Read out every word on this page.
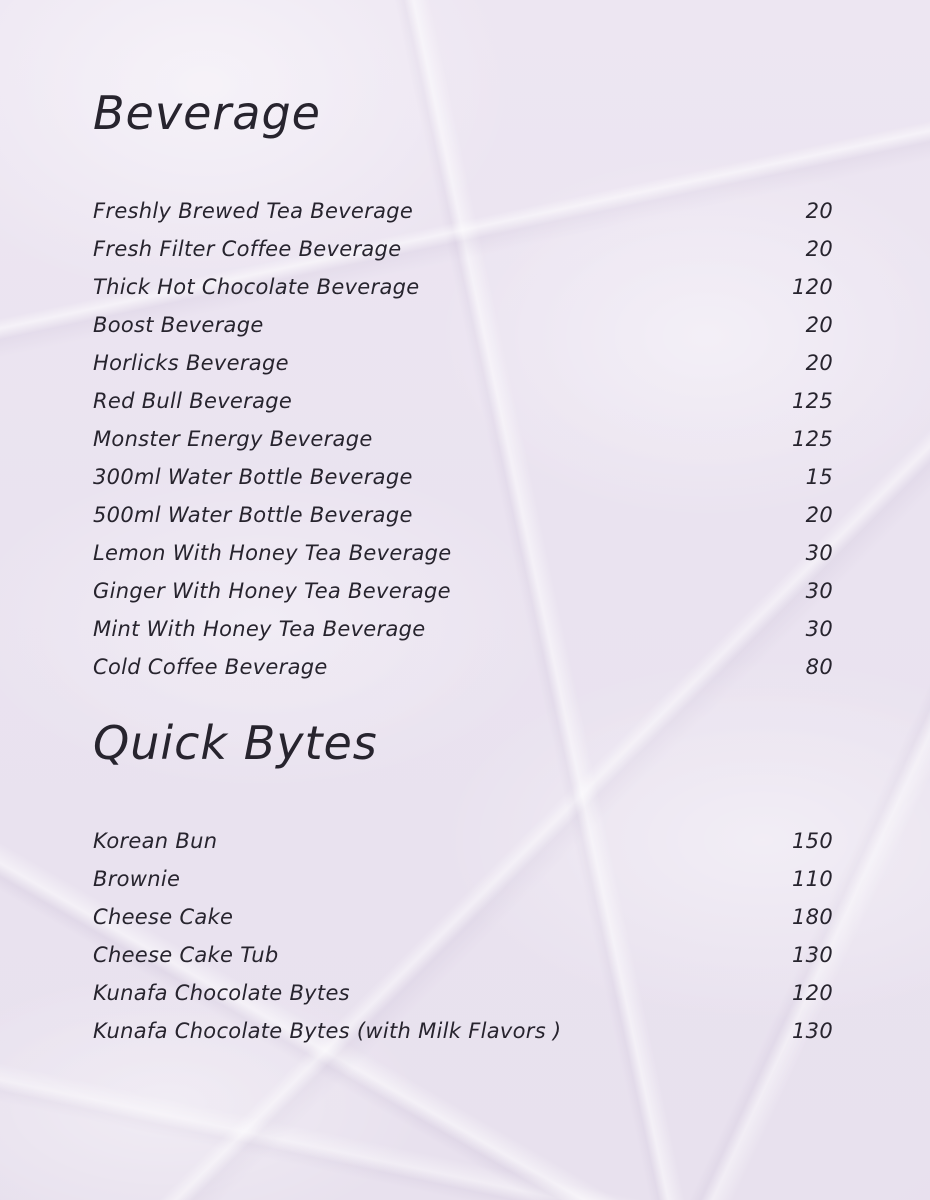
Beverage
Freshly Brewed Tea Beverage	20
Fresh Filter Coffee Beverage	20
Thick Hot Chocolate Beverage	120
Boost Beverage	20
Horlicks Beverage	20
Red Bull Beverage	125
Monster Energy Beverage	125
300ml Water Bottle Beverage	15
500ml Water Bottle Beverage	20
Lemon With Honey Tea Beverage	30
Ginger With Honey Tea Beverage	30
Mint With Honey Tea Beverage	30
Cold Coffee Beverage	80
Quick Bytes
Korean Bun	150
Brownie	110
Cheese Cake	180
Cheese Cake Tub	130
Kunafa Chocolate Bytes	120
Kunafa Chocolate Bytes (with Milk Flavors )	130
